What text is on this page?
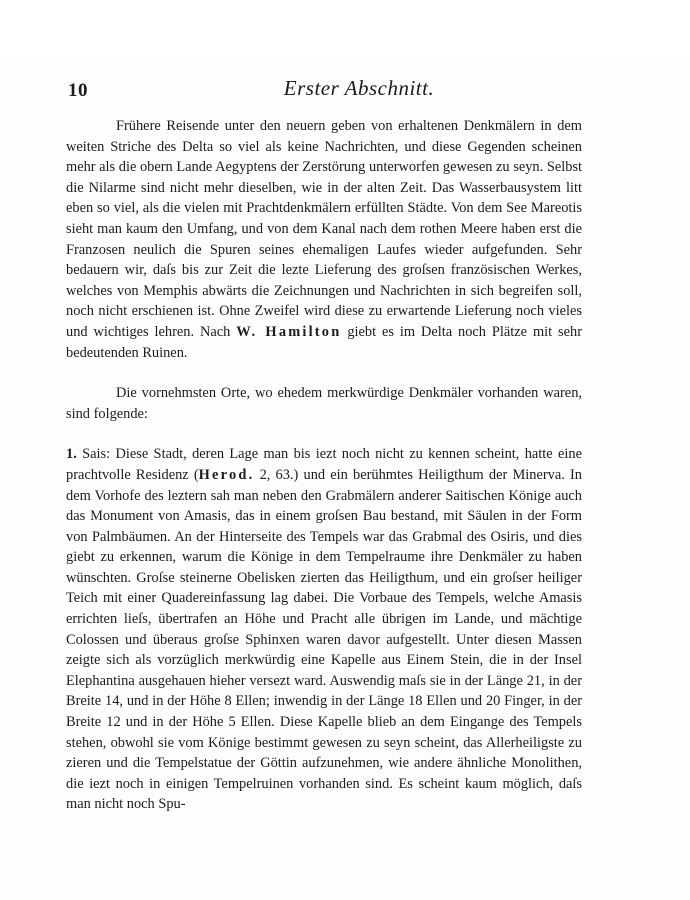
10	Erster Abschnitt.

Frühere Reisende unter den neuern geben von erhaltenen Denkmälern in dem weiten Striche des Delta so viel als keine Nachrichten, und diese Gegenden scheinen mehr als die obern Lande Aegyptens der Zerstörung unterworfen gewesen zu seyn. Selbst die Nilarme sind nicht mehr dieselben, wie in der alten Zeit. Das Wasserbausystem litt eben so viel, als die vielen mit Prachtdenkmälern erfüllten Städte. Von dem See Mareotis sieht man kaum den Umfang, und von dem Kanal nach dem rothen Meere haben erst die Franzosen neulich die Spuren seines ehemaligen Laufes wieder aufgefunden. Sehr bedauern wir, daſs bis zur Zeit die lezte Lieferung des groſsen französischen Werkes, welches von Memphis abwärts die Zeichnungen und Nachrichten in sich begreifen soll, noch nicht erschienen ist. Ohne Zweifel wird diese zu erwartende Lieferung noch vieles und wichtiges lehren. Nach W. Hamilton giebt es im Delta noch Plätze mit sehr bedeutenden Ruinen.

Die vornehmsten Orte, wo ehedem merkwürdige Denkmäler vorhanden waren, sind folgende:

1. Sais: Diese Stadt, deren Lage man bis iezt noch nicht zu kennen scheint, hatte eine prachtvolle Residenz (Herod. 2, 63.) und ein berühmtes Heiligthum der Minerva. In dem Vorhofe des leztern sah man neben den Grabmälern anderer Saitischen Könige auch das Monument von Amasis, das in einem groſsen Bau bestand, mit Säulen in der Form von Palmbäumen. An der Hinterseite des Tempels war das Grabmal des Osiris, und dies giebt zu erkennen, warum die Könige in dem Tempelraume ihre Denkmäler zu haben wünschten. Groſse steinerne Obelisken zierten das Heiligthum, und ein groſser heiliger Teich mit einer Quadereinfassung lag dabei. Die Vorbaue des Tempels, welche Amasis errichten lieſs, übertrafen an Höhe und Pracht alle übrigen im Lande, und mächtige Colossen und überaus groſse Sphinxen waren davor aufgestellt. Unter diesen Massen zeigte sich als vorzüglich merkwürdig eine Kapelle aus Einem Stein, die in der Insel Elephantina ausgehauen hieher versezt ward. Auswendig maſs sie in der Länge 21, in der Breite 14, und in der Höhe 8 Ellen; inwendig in der Länge 18 Ellen und 20 Finger, in der Breite 12 und in der Höhe 5 Ellen. Diese Kapelle blieb an dem Eingange des Tempels stehen, obwohl sie vom Könige bestimmt gewesen zu seyn scheint, das Allerheiligste zu zieren und die Tempelstatue der Göttin aufzunehmen, wie andere ähnliche Monolithen, die iezt noch in einigen Tempelruinen vorhanden sind. Es scheint kaum möglich, daſs man nicht noch Spu-
